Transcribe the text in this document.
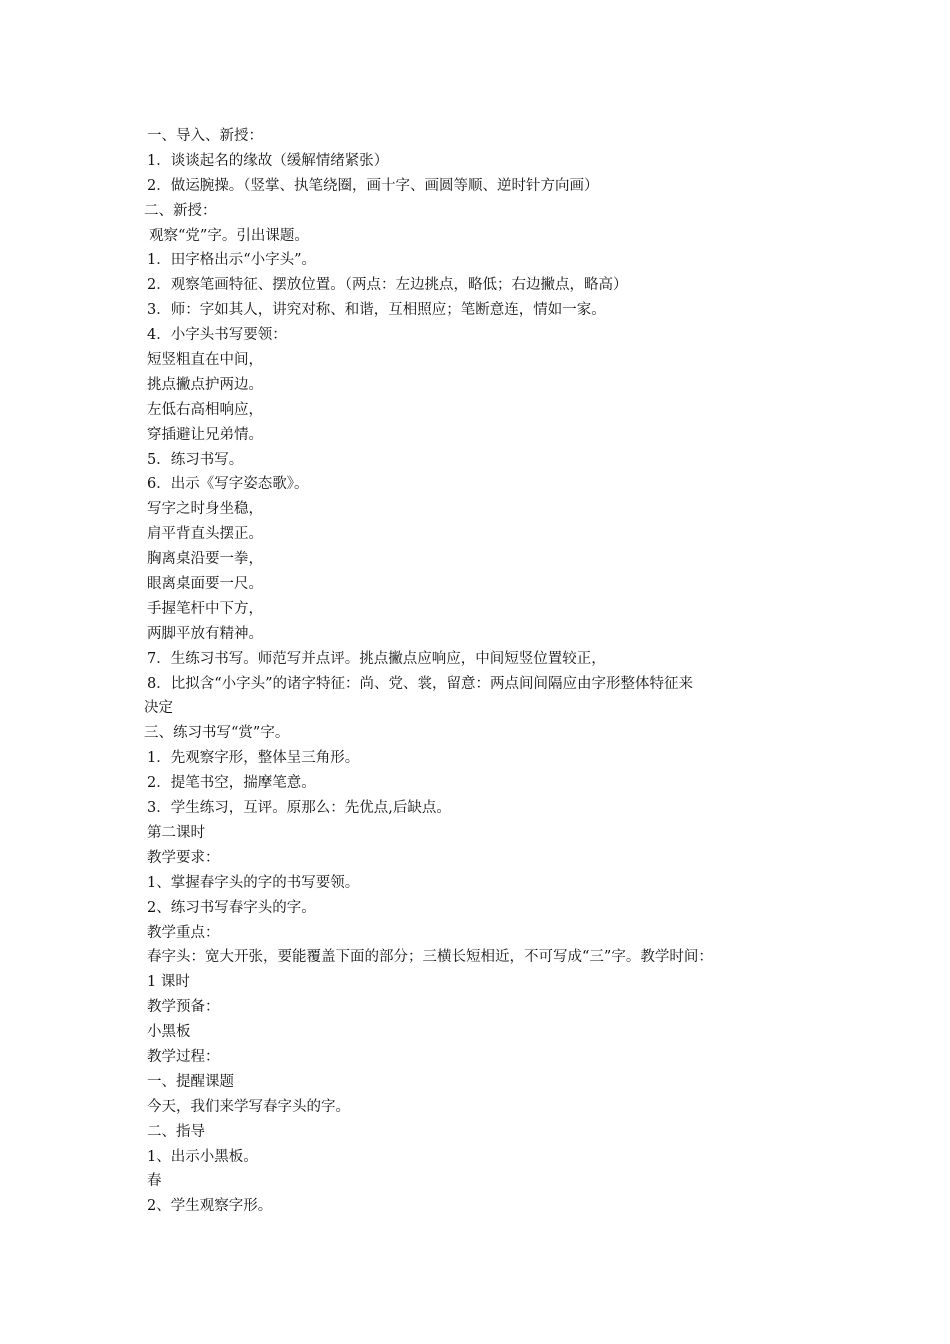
一、导入、新授：
1．谈谈起名的缘故（缓解情绪紧张）
2．做运腕操。（竖掌、执笔绕圈，画十字、画圆等顺、逆时针方向画）
二、新授：
观察“党”字。引出课题。
1．田字格出示“小字头”。
2．观察笔画特征、摆放位置。（两点：左边挑点，略低；右边撇点，略高）
3．师：字如其人，讲究对称、和谐，互相照应；笔断意连，情如一家。
4．小字头书写要领：
短竖粗直在中间，
挑点撇点护两边。
左低右高相响应，
穿插避让兄弟情。
5．练习书写。
6．出示《写字姿态歌》。
写字之时身坐稳，
肩平背直头摆正。
胸离桌沿要一拳，
眼离桌面要一尺。
手握笔杆中下方，
两脚平放有精神。
7．生练习书写。师范写并点评。挑点撇点应响应，中间短竖位置较正，
8．比拟含“小字头”的诸字特征：尚、党、裳，留意：两点间间隔应由字形整体特征来
决定
三、练习书写“赏”字。
1．先观察字形，整体呈三角形。
2．提笔书空，揣摩笔意。
3．学生练习，互评。原那么：先优点,后缺点。
第二课时
教学要求：
1、掌握春字头的字的书写要领。
2、练习书写春字头的字。
教学重点：
春字头：宽大开张，要能覆盖下面的部分；三横长短相近，不可写成“三”字。教学时间：
1 课时
教学预备：
小黑板
教学过程：
一、提醒课题
今天，我们来学写春字头的字。
二、指导
1、出示小黑板。
春
2、学生观察字形。
